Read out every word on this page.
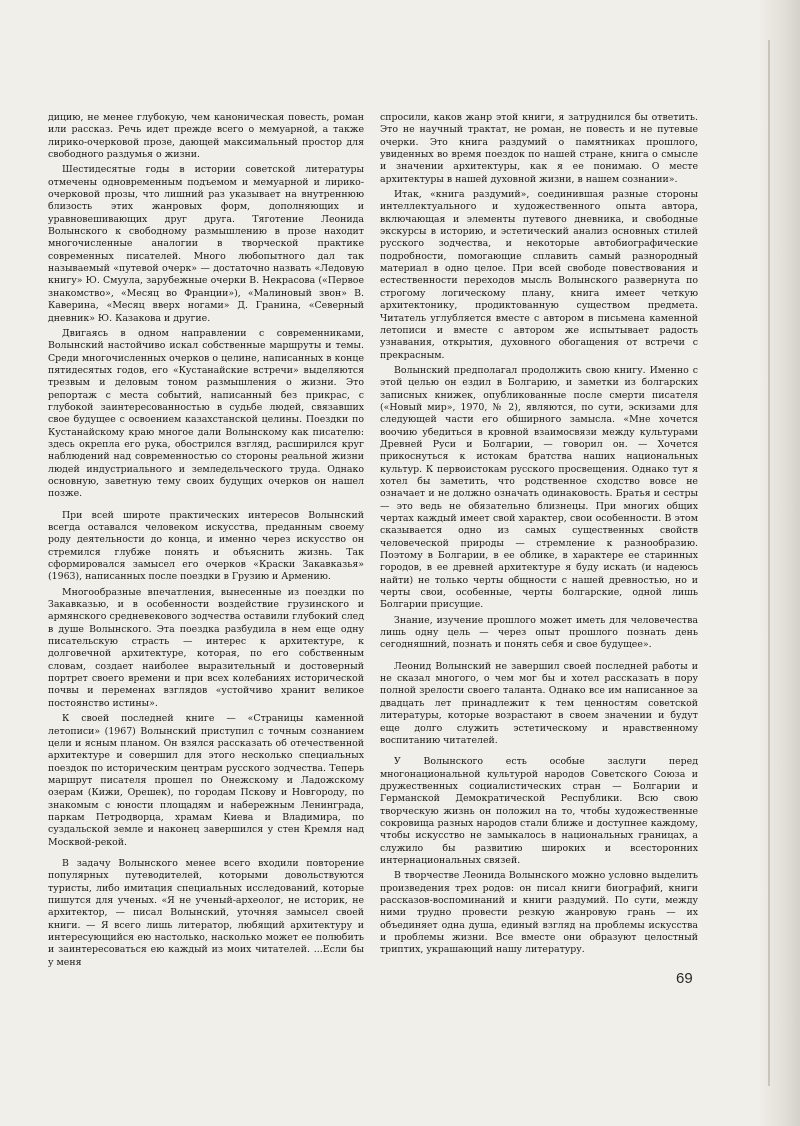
дицию, не менее глубокую, чем каноническая повесть, роман или рассказ. Речь идет прежде всего о мемуарной, а также лирико-очерковой прозе, дающей максимальный простор для свободного раздумья о жизни.

Шестидесятые годы в истории советской литературы отмечены одновременным подъемом и мемуарной и лирико-очерковой прозы, что лишний раз указывает на внутреннюю близость этих жанровых форм, дополняющих и уравновешивающих друг друга. Тяготение Леонида Волынского к свободному размышлению в прозе находит многочисленные аналогии в творческой практике современных писателей. Много любопытного дал так называемый «путевой очерк» — достаточно назвать «Ледовую книгу» Ю. Смуула, зарубежные очерки В. Некрасова («Первое знакомство», «Месяц во Франции»), «Малиновый звон» В. Каверина, «Месяц вверх ногами» Д. Гранина, «Северный дневник» Ю. Казакова и другие.

Двигаясь в одном направлении с современниками, Волынский настойчиво искал собственные маршруты и темы. Среди многочисленных очерков о целине, написанных в конце пятидесятых годов, его «Кустанайские встречи» выделяются трезвым и деловым тоном размышления о жизни. Это репортаж с места событий, написанный без прикрас, с глубокой заинтересованностью в судьбе людей, связавших свое будущее с освоением казахстанской целины. Поездки по Кустанайскому краю многое дали Волынскому как писателю: здесь окрепла его рука, обострился взгляд, расширился круг наблюдений над современностью со стороны реальной жизни людей индустриального и земледельческого труда. Однако основную, заветную тему своих будущих очерков он нашел позже.

При всей широте практических интересов Волынский всегда оставался человеком искусства, преданным своему роду деятельности до конца, и именно через искусство он стремился глубже понять и объяснить жизнь. Так сформировался замысел его очерков «Краски Закавказья» (1963), написанных после поездки в Грузию и Армению.

Многообразные впечатления, вынесенные из поездки по Закавказью, и в особенности воздействие грузинского и армянского средневекового зодчества оставили глубокий след в душе Волынского. Эта поездка разбудила в нем еще одну писательскую страсть — интерес к архитектуре, к долговечной архитектуре, которая, по его собственным словам, создает наиболее выразительный и достоверный портрет своего времени и при всех колебаниях исторической почвы и переменах взглядов «устойчиво хранит великое постоянство истины».

К своей последней книге — «Страницы каменной летописи» (1967) Волынский приступил с точным сознанием цели и ясным планом. Он взялся рассказать об отечественной архитектуре и совершил для этого несколько специальных поездок по историческим центрам русского зодчества. Теперь маршрут писателя прошел по Онежскому и Ладожскому озерам (Кижи, Орешек), по городам Пскову и Новгороду, по знакомым с юности площадям и набережным Ленинграда, паркам Петродворца, храмам Киева и Владимира, по суздальской земле и наконец завершился у стен Кремля над Москвой-рекой.

В задачу Волынского менее всего входили повторение популярных путеводителей, которыми довольствуются туристы, либо имитация специальных исследований, которые пишутся для ученых. «Я не ученый-археолог, не историк, не архитектор, — писал Волынский, уточняя замысел своей книги. — Я всего лишь литератор, любящий архитектуру и интересующийся ею настолько, насколько может ее полюбить и заинтересоваться ею каждый из моих читателей. ...Если бы у меня

спросили, каков жанр этой книги, я затруднился бы ответить. Это не научный трактат, не роман, не повесть и не путевые очерки. Это книга раздумий о памятниках прошлого, увиденных во время поездок по нашей стране, книга о смысле и значении архитектуры, как я ее понимаю. О месте архитектуры в нашей духовной жизни, в нашем сознании».

Итак, «книга раздумий», соединившая разные стороны интеллектуального и художественного опыта автора, включающая и элементы путевого дневника, и свободные экскурсы в историю, и эстетический анализ основных стилей русского зодчества, и некоторые автобиографические подробности, помогающие сплавить самый разнородный материал в одно целое. При всей свободе повествования и естественности переходов мысль Волынского развернута по строгому логическому плану, книга имеет четкую архитектонику, продиктованную существом предмета. Читатель углубляется вместе с автором в письмена каменной летописи и вместе с автором же испытывает радость узнавания, открытия, духовного обогащения от встречи с прекрасным.

Волынский предполагал продолжить свою книгу. Именно с этой целью он ездил в Болгарию, и заметки из болгарских записных книжек, опубликованные после смерти писателя («Новый мир», 1970, № 2), являются, по сути, эскизами для следующей части его обширного замысла. «Мне хочется воочию убедиться в кровной взаимосвязи между культурами Древней Руси и Болгарии, — говорил он. — Хочется прикоснуться к истокам братства наших национальных культур. К первоистокам русского просвещения. Однако тут я хотел бы заметить, что родственное сходство вовсе не означает и не должно означать одинаковость. Братья и сестры — это ведь не обязательно близнецы. При многих общих чертах каждый имеет свой характер, свои особенности. В этом сказывается одно из самых существенных свойств человеческой природы — стремление к разнообразию. Поэтому в Болгарии, в ее облике, в характере ее старинных городов, в ее древней архитектуре я буду искать (и надеюсь найти) не только черты общности с нашей древностью, но и черты свои, особенные, черты болгарские, одной лишь Болгарии присущие.

Знание, изучение прошлого может иметь для человечества лишь одну цель — через опыт прошлого познать день сегодняшний, познать и понять себя и свое будущее».

Леонид Волынский не завершил своей последней работы и не сказал многого, о чем мог бы и хотел рассказать в пору полной зрелости своего таланта. Однако все им написанное за двадцать лет принадлежит к тем ценностям советской литературы, которые возрастают в своем значении и будут еще долго служить эстетическому и нравственному воспитанию читателей.

У Волынского есть особые заслуги перед многонациональной культурой народов Советского Союза и дружественных социалистических стран — Болгарии и Германской Демократической Республики. Всю свою творческую жизнь он положил на то, чтобы художественные сокровища разных народов стали ближе и доступнее каждому, чтобы искусство не замыкалось в национальных границах, а служило бы развитию широких и всесторонних интернациональных связей.

В творчестве Леонида Волынского можно условно выделить произведения трех родов: он писал книги биографий, книги рассказов-воспоминаний и книги раздумий. По сути, между ними трудно провести резкую жанровую грань — их объединяет одна душа, единый взгляд на проблемы искусства и проблемы жизни. Все вместе они образуют целостный триптих, украшающий нашу литературу.

69
